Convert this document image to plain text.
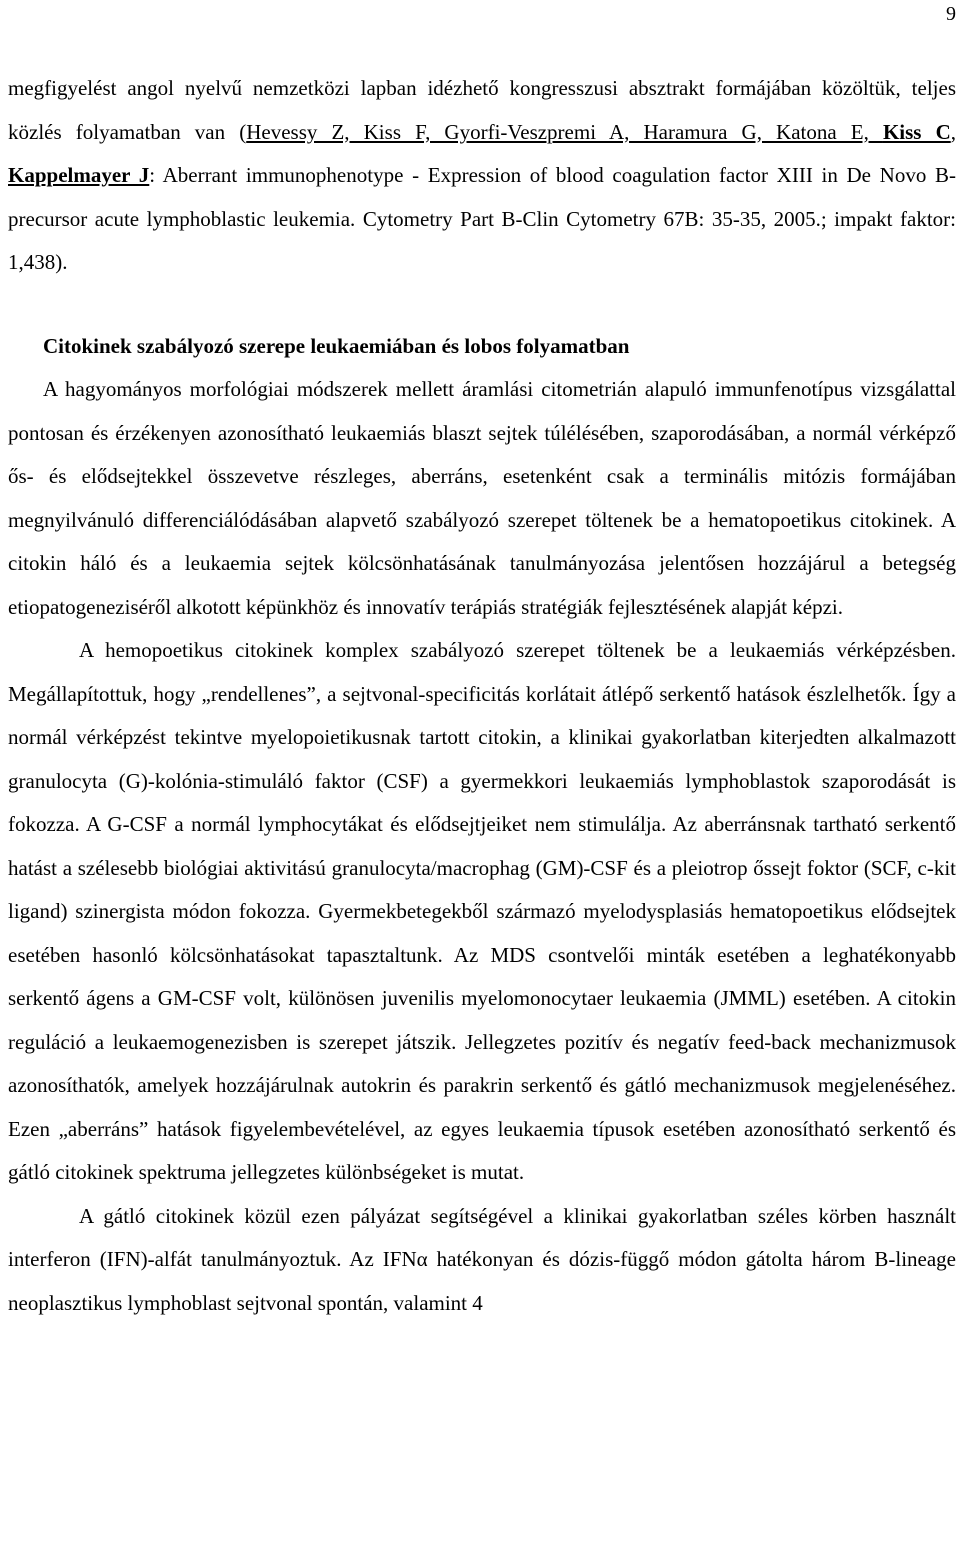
9

megfigyelést angol nyelvű nemzetközi lapban idézhető kongresszusi absztrakt formájában közöltük, teljes közlés folyamatban van (Hevessy Z, Kiss F, Gyorfi-Veszpremi A, Haramura G, Katona E, Kiss C, Kappelmayer J: Aberrant immunophenotype - Expression of blood coagulation factor XIII in De Novo B-precursor acute lymphoblastic leukemia. Cytometry Part B-Clin Cytometry 67B: 35-35, 2005.; impakt faktor: 1,438).

Citokinek szabályozó szerepe leukaemiában és lobos folyamatban

A hagyományos morfológiai módszerek mellett áramlási citometrián alapuló immunfenotípus vizsgálattal pontosan és érzékenyen azonosítható leukaemiás blaszt sejtek túlélésében, szaporodásában, a normál vérképző ős- és elődsejtekkel összevetve részleges, aberráns, esetenként csak a terminális mitózis formájában megnyilvánuló differenciálódásában alapvető szabályozó szerepet töltenek be a hematopoetikus citokinek. A citokin háló és a leukaemia sejtek kölcsönhatásának tanulmányozása jelentősen hozzájárul a betegség etiopatogeneziséről alkotott képünkhöz és innovatív terápiás stratégiák fejlesztésének alapját képzi.

A hemopoetikus citokinek komplex szabályozó szerepet töltenek be a leukaemiás vérképzésben. Megállapítottuk, hogy „rendellenes”, a sejtvonal-specificitás korlátait átlépő serkentő hatások észlelhetők. Így a normál vérképzést tekintve myelopoietikusnak tartott citokin, a klinikai gyakorlatban kiterjedten alkalmazott granulocyta (G)-kolónia-stimuláló faktor (CSF) a gyermekkori leukaemiás lymphoblastok szaporodását is fokozza. A G-CSF a normál lymphocytákat és elődsejtjeiket nem stimulálja. Az aberránsnak tartható serkentő hatást a szélesebb biológiai aktivitású granulocyta/macrophag (GM)-CSF és a pleiotrop őssejt foktor (SCF, c-kit ligand) szinergista módon fokozza. Gyermekbetegekből származó myelodysplasiás hematopoetikus elődsejtek esetében hasonló kölcsönhatásokat tapasztaltunk. Az MDS csontvelői minták esetében a leghatékonyabb serkentő ágens a GM-CSF volt, különösen juvenilis myelomonocytaer leukaemia (JMML) esetében. A citokin reguláció a leukaemogenezisben is szerepet játszik. Jellegzetes pozitív és negatív feed-back mechanizmusok azonosíthatók, amelyek hozzájárulnak autokrin és parakrin serkentő és gátló mechanizmusok megjelenéséhez. Ezen „aberráns” hatások figyelembevételével, az egyes leukaemia típusok esetében azonosítható serkentő és gátló citokinek spektruma jellegzetes különbségeket is mutat.

A gátló citokinek közül ezen pályázat segítségével a klinikai gyakorlatban széles körben használt interferon (IFN)-alfát tanulmányoztuk. Az IFNα hatékonyan és dózis-függő módon gátolta három B-lineage neoplasztikus lymphoblast sejtvonal spontán, valamint 4
